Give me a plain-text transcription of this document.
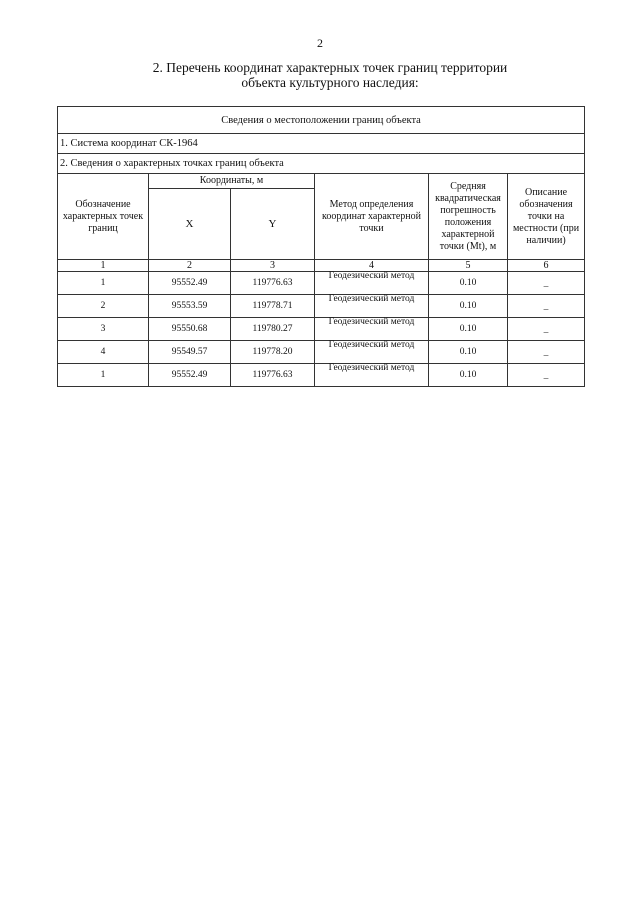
2
2. Перечень координат характерных точек границ территории
объекта культурного наследия:
Сведения о местоположении границ объекта					
1. Система координат СК-1964					
2. Сведения о характерных точках границ объекта					
Обозначение характерных точек границ	Координаты, м		Метод определения координат характерной точки	Средняя квадратическая погрешность положения характерной точки (Mt), м	Описание обозначения точки на местности (при наличии)
	X	Y			
1	2	3	4	5	6
1	95552.49	119776.63	Геодезический метод	0.10	–
2	95553.59	119778.71	Геодезический метод	0.10	–
3	95550.68	119780.27	Геодезический метод	0.10	–
4	95549.57	119778.20	Геодезический метод	0.10	–
1	95552.49	119776.63	Геодезический метод	0.10	–
